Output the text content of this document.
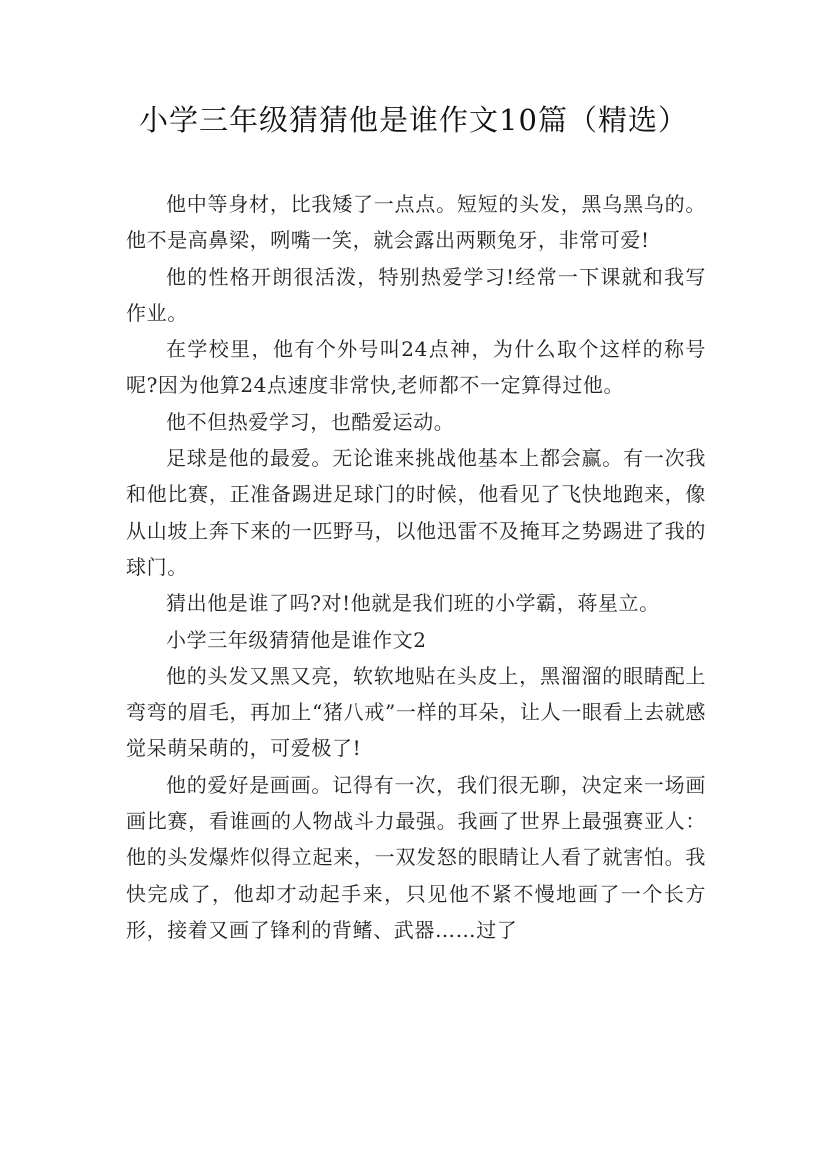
小学三年级猜猜他是谁作文10篇（精选）

他中等身材，比我矮了一点点。短短的头发，黑乌黑乌的。他不是高鼻梁，咧嘴一笑，就会露出两颗兔牙，非常可爱!

他的性格开朗很活泼，特别热爱学习!经常一下课就和我写作业。

在学校里，他有个外号叫24点神，为什么取个这样的称号呢?因为他算24点速度非常快,老师都不一定算得过他。

他不但热爱学习，也酷爱运动。

足球是他的最爱。无论谁来挑战他基本上都会赢。有一次我和他比赛，正准备踢进足球门的时候，他看见了飞快地跑来，像从山坡上奔下来的一匹野马，以他迅雷不及掩耳之势踢进了我的球门。

猜出他是谁了吗?对!他就是我们班的小学霸，蒋星立。

小学三年级猜猜他是谁作文2

他的头发又黑又亮，软软地贴在头皮上，黑溜溜的眼睛配上弯弯的眉毛，再加上“猪八戒”一样的耳朵，让人一眼看上去就感觉呆萌呆萌的，可爱极了!

他的爱好是画画。记得有一次，我们很无聊，决定来一场画画比赛，看谁画的人物战斗力最强。我画了世界上最强赛亚人：他的头发爆炸似得立起来，一双发怒的眼睛让人看了就害怕。我快完成了，他却才动起手来，只见他不紧不慢地画了一个长方形，接着又画了锋利的背鳍、武器……过了
